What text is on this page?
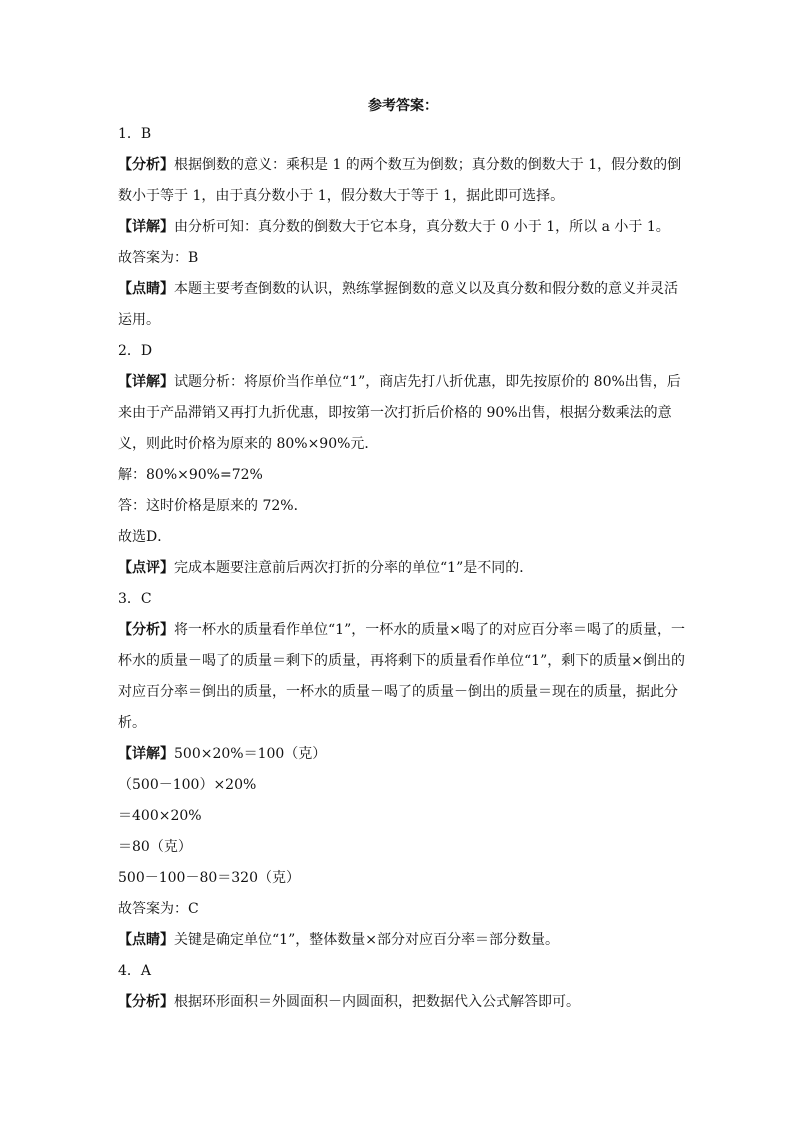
参考答案：
1．B
【分析】根据倒数的意义：乘积是 1 的两个数互为倒数；真分数的倒数大于 1，假分数的倒
数小于等于 1，由于真分数小于 1，假分数大于等于 1，据此即可选择。
【详解】由分析可知：真分数的倒数大于它本身，真分数大于 0 小于 1，所以 a 小于 1。
故答案为：B
【点睛】本题主要考查倒数的认识，熟练掌握倒数的意义以及真分数和假分数的意义并灵活
运用。
2．D
【详解】试题分析：将原价当作单位“1”，商店先打八折优惠，即先按原价的 80%出售，后
来由于产品滞销又再打九折优惠，即按第一次打折后价格的 90%出售，根据分数乘法的意
义，则此时价格为原来的 80%×90%元．
解：80%×90%=72%
答：这时价格是原来的 72%．
故选D．
【点评】完成本题要注意前后两次打折的分率的单位“1”是不同的．
3．C
【分析】将一杯水的质量看作单位“1”，一杯水的质量×喝了的对应百分率＝喝了的质量，一
杯水的质量－喝了的质量＝剩下的质量，再将剩下的质量看作单位“1”，剩下的质量×倒出的
对应百分率＝倒出的质量，一杯水的质量－喝了的质量－倒出的质量＝现在的质量，据此分
析。
【详解】500×20%＝100（克）
（500－100）×20%
＝400×20%
＝80（克）
500－100－80＝320（克）
故答案为：C
【点睛】关键是确定单位“1”，整体数量×部分对应百分率＝部分数量。
4．A
【分析】根据环形面积＝外圆面积－内圆面积，把数据代入公式解答即可。
